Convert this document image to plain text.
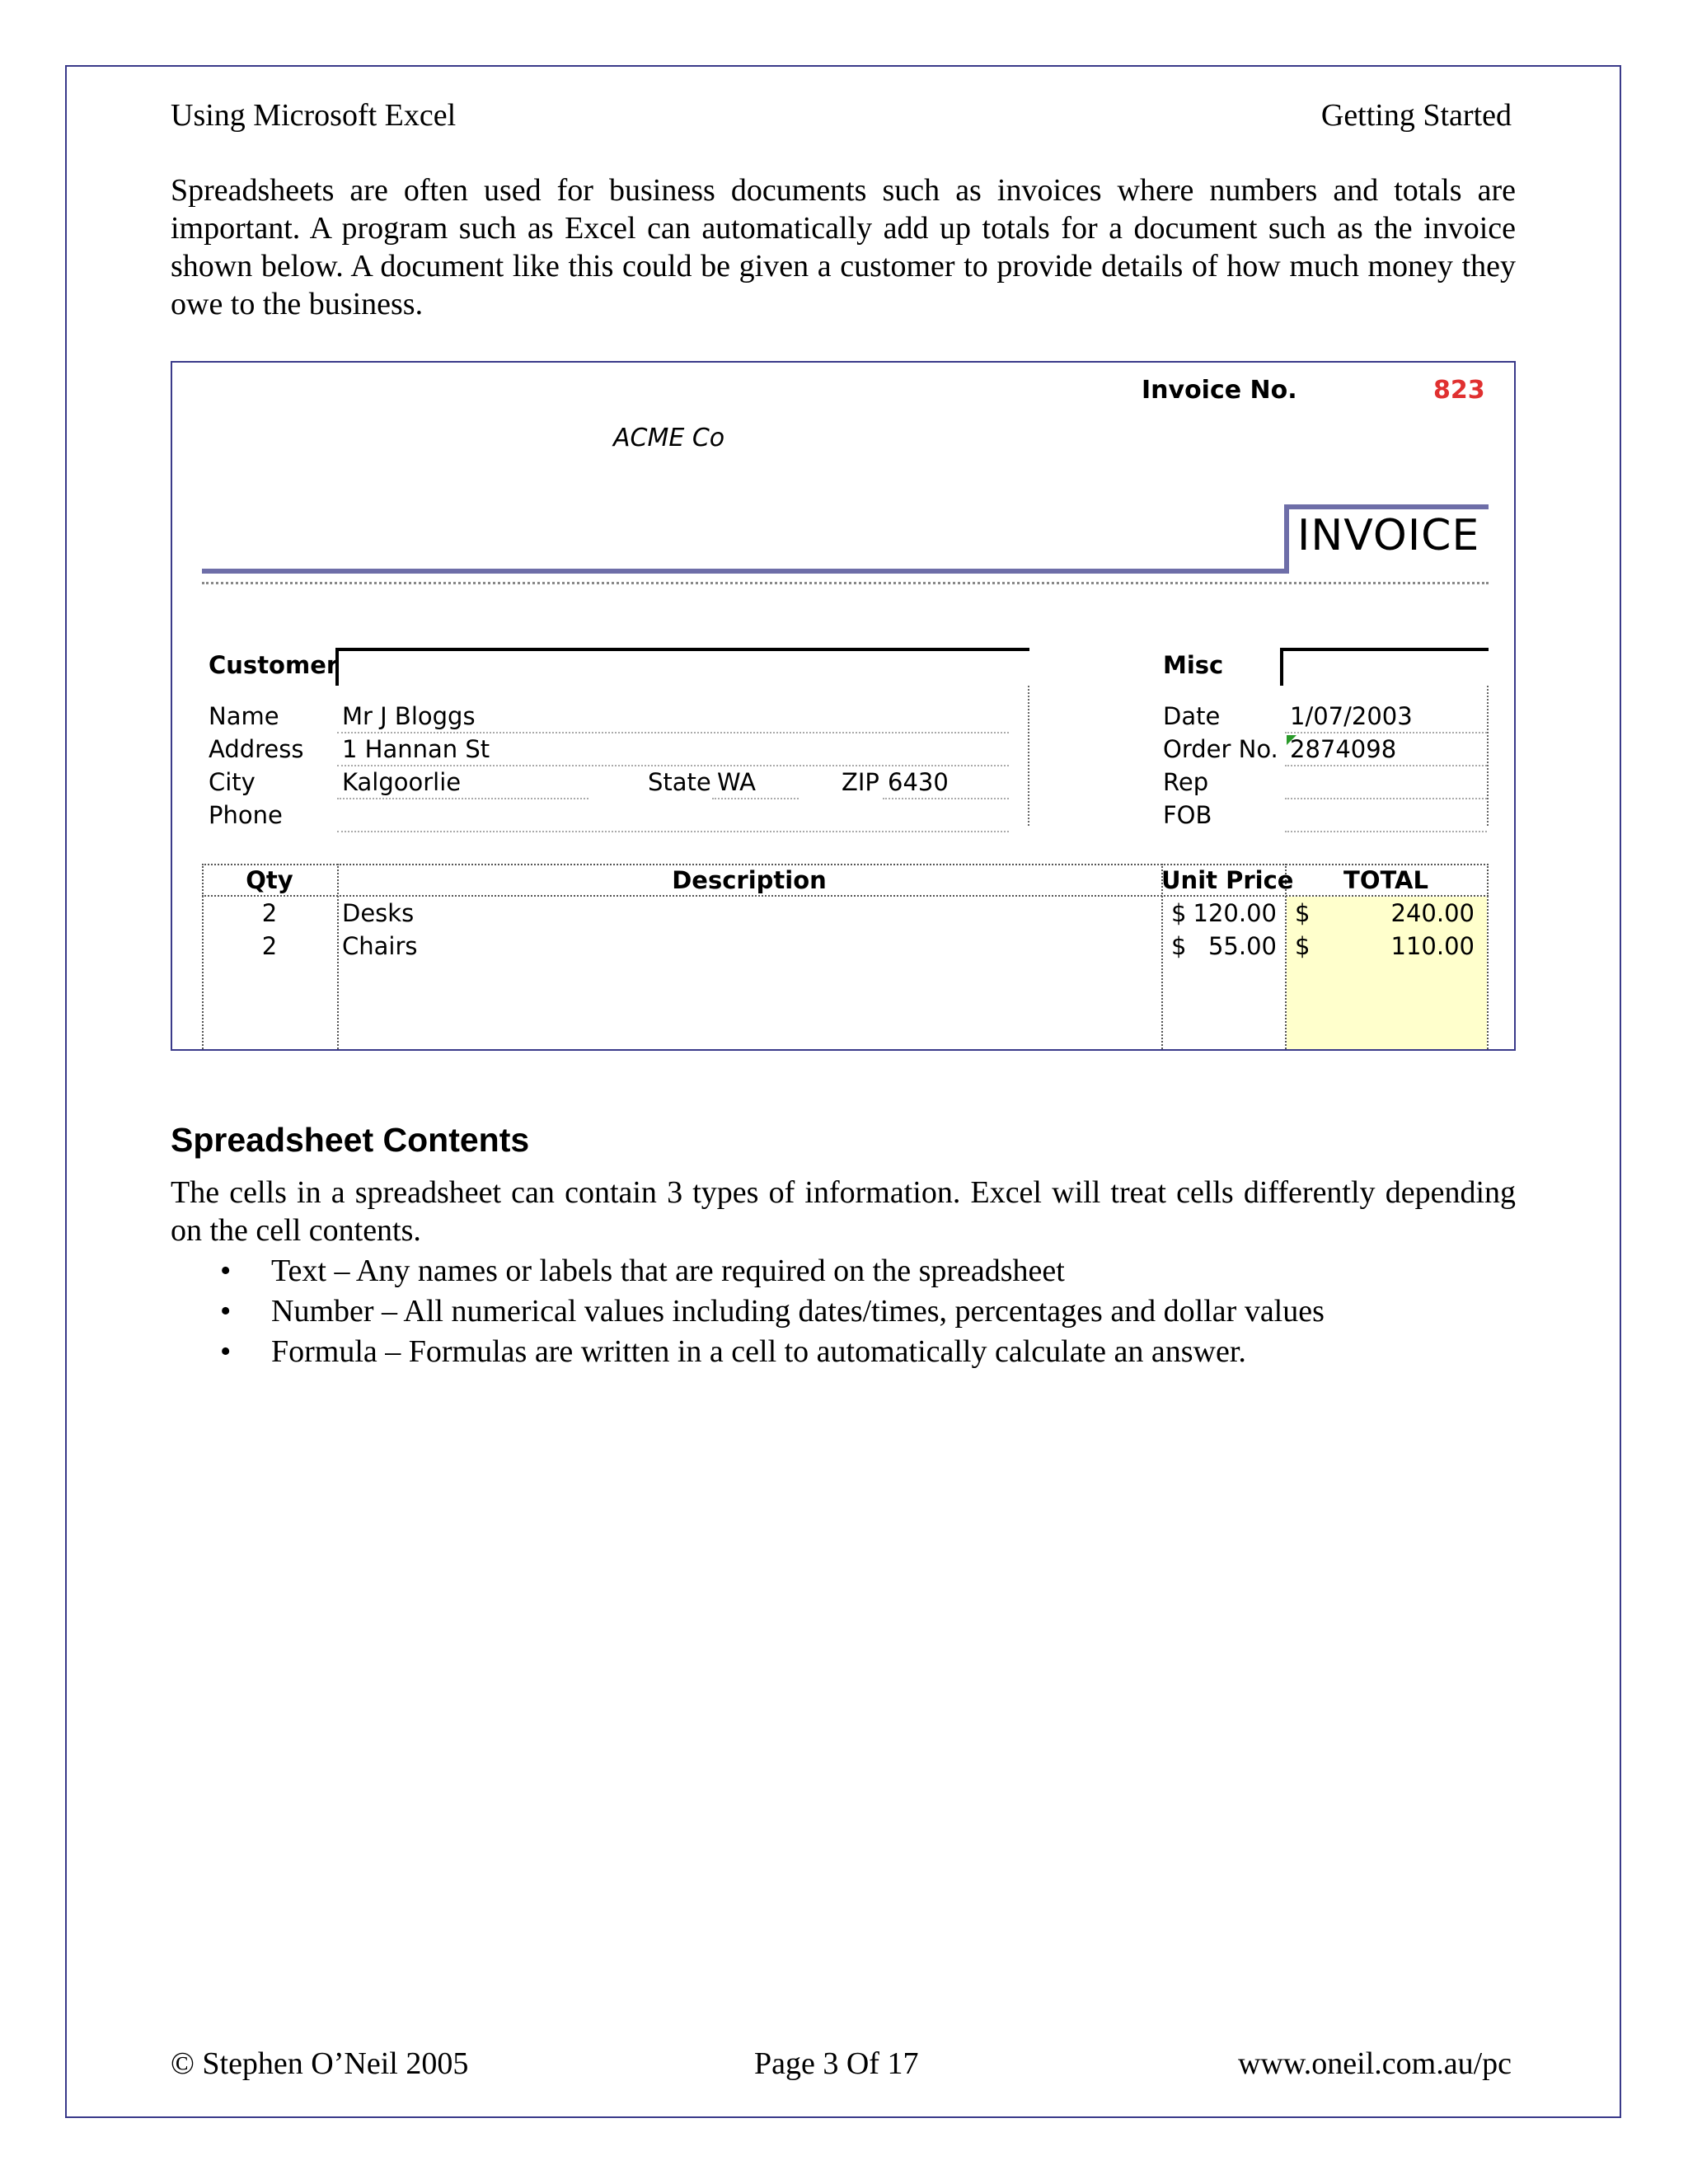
Using Microsoft Excel	Getting Started

Spreadsheets are often used for business documents such as invoices where numbers and totals are important. A program such as Excel can automatically add up totals for a document such as the invoice shown below. A document like this could be given a customer to provide details of how much money they owe to the business.

Invoice No.	823
ACME Co
INVOICE
Customer
Name	Mr J Bloggs
Address 1 Hannan St
City	Kalgoorlie	State WA	ZIP 6430
Phone
Misc
Date	1/07/2003
Order No. 2874098
Rep
FOB
Qty	Description	Unit Price	TOTAL
2	Desks	$ 120.00 $	240.00
2	Chairs	$ 55.00 $	110.00
Spreadsheet Contents

The cells in a spreadsheet can contain 3 types of information. Excel will treat cells differently depending on the cell contents.

• Text – Any names or labels that are required on the spreadsheet
• Number – All numerical values including dates/times, percentages and dollar values
• Formula – Formulas are written in a cell to automatically calculate an answer.
© Stephen O’Neil 2005	Page 3 Of 17	www.oneil.com.au/pc
